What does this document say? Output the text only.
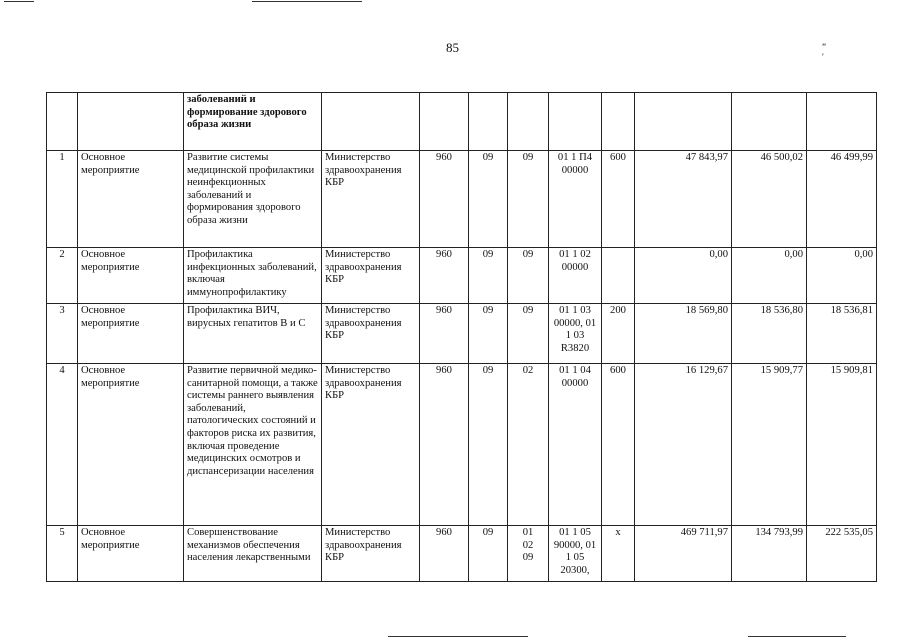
85	” ′
		заболеваний и формирование здорового образа жизни									
1	Основное мероприятие	Развитие системы медицинской профилактики неинфекционных заболеваний и формирования здорового образа жизни	Министерство здравоохранения КБР	960	09	09	01 1 П4 00000	600	47 843,97	46 500,02	46 499,99
2	Основное мероприятие	Профилактика инфекционных заболеваний, включая иммунопрофилактику	Министерство здравоохранения КБР	960	09	09	01 1 02 00000		0,00	0,00	0,00
3	Основное мероприятие	Профилактика ВИЧ, вирусных гепатитов В и С	Министерство здравоохранения КБР	960	09	09	01 1 03 00000, 01 1 03 R3820	200	18 569,80	18 536,80	18 536,81
4	Основное мероприятие	Развитие первичной медико-санитарной помощи, а также системы раннего выявления заболеваний, патологических состояний и факторов риска их развития, включая проведение медицинских осмотров и диспансеризации населения	Министерство здравоохранения КБР	960	09	02	01 1 04 00000	600	16 129,67	15 909,77	15 909,81
5	Основное мероприятие	Совершенствование механизмов обеспечения населения лекарственными	Министерство здравоохранения КБР	960	09	01 02 09	01 1 05 90000, 01 1 05 20300,	x	469 711,97	134 793,99	222 535,05
